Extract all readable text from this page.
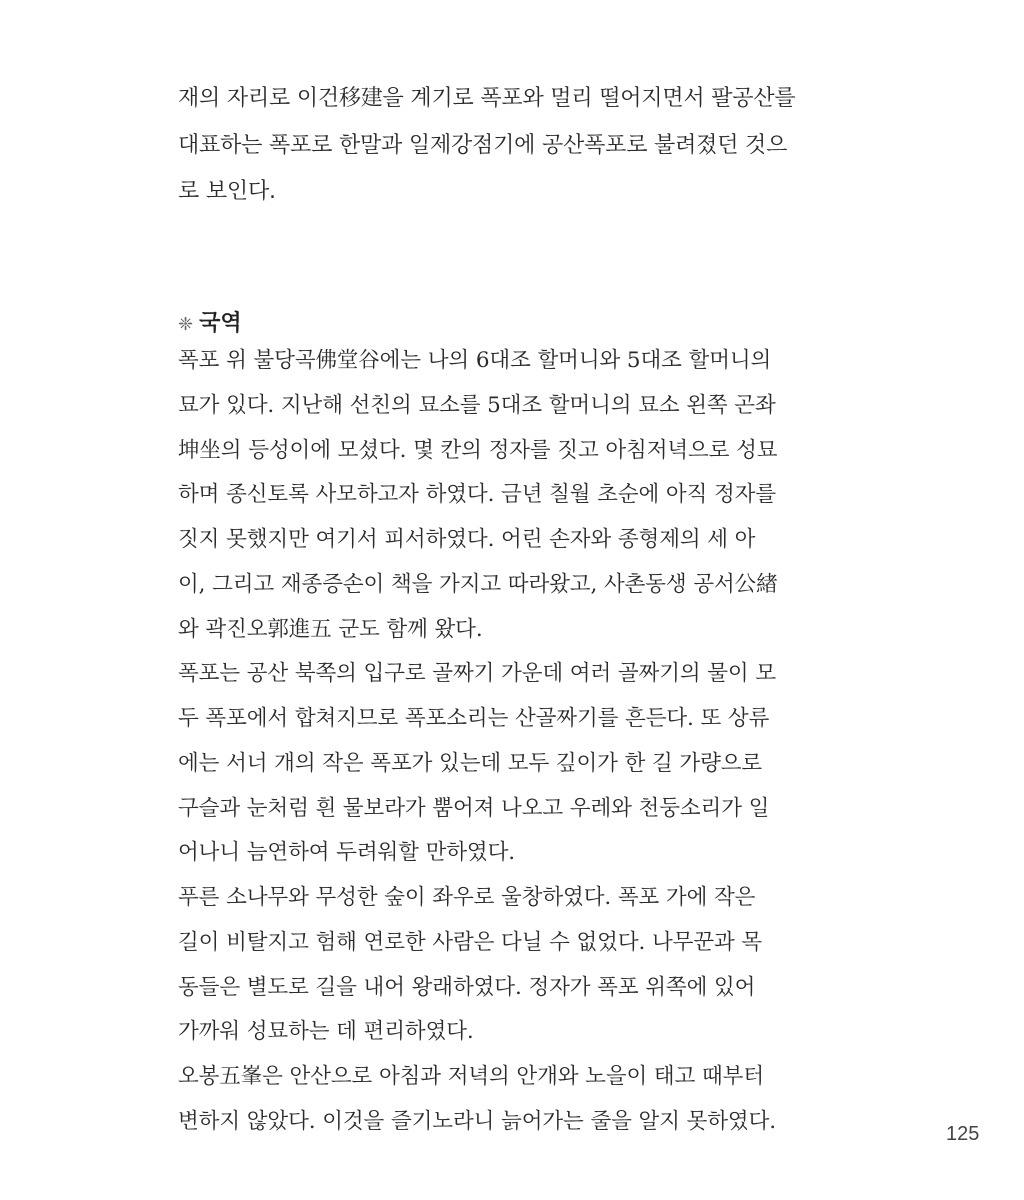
재의 자리로 이건移建을 계기로 폭포와 멀리 떨어지면서 팔공산를
대표하는 폭포로 한말과 일제강점기에 공산폭포로 불려졌던 것으
로 보인다.
❈ 국역
폭포 위 불당곡佛堂谷에는 나의 6대조 할머니와 5대조 할머니의
묘가 있다. 지난해 선친의 묘소를 5대조 할머니의 묘소 왼쪽 곤좌
坤坐의 등성이에 모셨다. 몇 칸의 정자를 짓고 아침저녁으로 성묘
하며 종신토록 사모하고자 하였다. 금년 칠월 초순에 아직 정자를
짓지 못했지만 여기서 피서하였다. 어린 손자와 종형제의 세 아
이, 그리고 재종증손이 책을 가지고 따라왔고, 사촌동생 공서公緖
와 곽진오郭進五 군도 함께 왔다.
폭포는 공산 북쪽의 입구로 골짜기 가운데 여러 골짜기의 물이 모
두 폭포에서 합쳐지므로 폭포소리는 산골짜기를 흔든다. 또 상류
에는 서너 개의 작은 폭포가 있는데 모두 깊이가 한 길 가량으로
구슬과 눈처럼 흰 물보라가 뿜어져 나오고 우레와 천둥소리가 일
어나니 늠연하여 두려워할 만하였다.
푸른 소나무와 무성한 숲이 좌우로 울창하였다. 폭포 가에 작은
길이 비탈지고 험해 연로한 사람은 다닐 수 없었다. 나무꾼과 목
동들은 별도로 길을 내어 왕래하였다. 정자가 폭포 위쪽에 있어
가까워 성묘하는 데 편리하였다.
오봉五峯은 안산으로 아침과 저녁의 안개와 노을이 태고 때부터
변하지 않았다. 이것을 즐기노라니 늙어가는 줄을 알지 못하였다.
125
